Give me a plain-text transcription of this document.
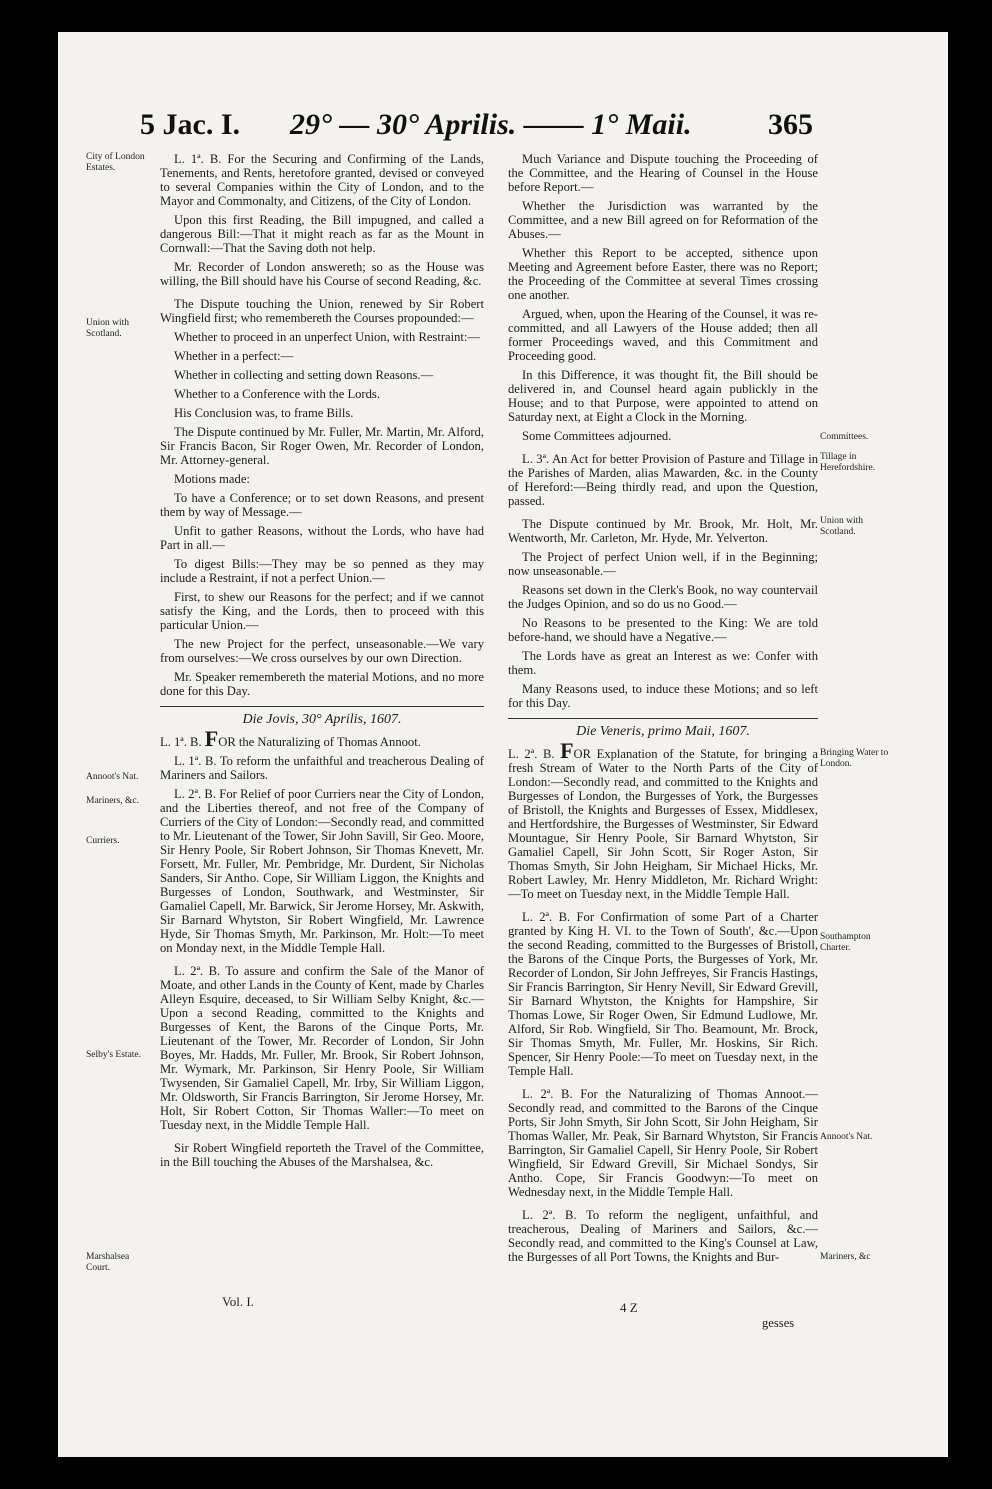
5 Jac. I. 29° — 30° Aprilis. —— 1° Maii.	365
City of London Estates.
Union with Scotland.
Annoot's Nat.
Mariners, &c.
Curriers.
Selby's Estate.
Marshalsea Court.
Committees.
Tillage in Herefordshire.
Union with Scotland.
Bringing Water to London.
Southampton Charter.
Annoot's Nat.
Mariners, &c

L. 1ª. B. For the Securing and Confirming of the Lands, Tenements, and Rents, heretofore granted, devised or conveyed to several Companies within the City of London, and to the Mayor and Commonalty, and Citizens, of the City of London.

Upon this first Reading, the Bill impugned, and called a dangerous Bill:—That it might reach as far as the Mount in Cornwall:—That the Saving doth not help.

Mr. Recorder of London answereth; so as the House was willing, the Bill should have his Course of second Reading, &c.

The Dispute touching the Union, renewed by Sir Robert Wingfield first; who remembereth the Courses propounded:—

Whether to proceed in an unperfect Union, with Restraint:—

Whether in a perfect:—

Whether in collecting and setting down Reasons.—

Whether to a Conference with the Lords.

His Conclusion was, to frame Bills.

The Dispute continued by Mr. Fuller, Mr. Martin, Mr. Alford, Sir Francis Bacon, Sir Roger Owen, Mr. Recorder of London, Mr. Attorney-general.

Motions made:

To have a Conference; or to set down Reasons, and present them by way of Message.—

Unfit to gather Reasons, without the Lords, who have had Part in all.—

To digest Bills:—They may be so penned as they may include a Restraint, if not a perfect Union.—

First, to shew our Reasons for the perfect; and if we cannot satisfy the King, and the Lords, then to proceed with this particular Union.—

The new Project for the perfect, unseasonable.—We vary from ourselves:—We cross ourselves by our own Direction.

Mr. Speaker remembereth the material Motions, and no more done for this Day.

Die Jovis, 30° Aprilis, 1607.

L. 1ª. B. FOR the Naturalizing of Thomas Annoot.

L. 1ª. B. To reform the unfaithful and treacherous Dealing of Mariners and Sailors.

L. 2ª. B. For Relief of poor Curriers near the City of London, and the Liberties thereof, and not free of the Company of Curriers of the City of London:—Secondly read, and committed to Mr. Lieutenant of the Tower, Sir John Savill, Sir Geo. Moore, Sir Henry Poole, Sir Robert Johnson, Sir Thomas Knevett, Mr. Forsett, Mr. Fuller, Mr. Pembridge, Mr. Durdent, Sir Nicholas Sanders, Sir Antho. Cope, Sir William Liggon, the Knights and Burgesses of London, Southwark, and Westminster, Sir Gamaliel Capell, Mr. Barwick, Sir Jerome Horsey, Mr. Askwith, Sir Barnard Whytston, Sir Robert Wingfield, Mr. Lawrence Hyde, Sir Thomas Smyth, Mr. Parkinson, Mr. Holt:—To meet on Monday next, in the Middle Temple Hall.

L. 2ª. B. To assure and confirm the Sale of the Manor of Moate, and other Lands in the County of Kent, made by Charles Alleyn Esquire, deceased, to Sir William Selby Knight, &c.—Upon a second Reading, committed to the Knights and Burgesses of Kent, the Barons of the Cinque Ports, Mr. Lieutenant of the Tower, Mr. Recorder of London, Sir John Boyes, Mr. Hadds, Mr. Fuller, Mr. Brook, Sir Robert Johnson, Mr. Wymark, Mr. Parkinson, Sir Henry Poole, Sir William Twysenden, Sir Gamaliel Capell, Mr. Irby, Sir William Liggon, Mr. Oldsworth, Sir Francis Barrington, Sir Jerome Horsey, Mr. Holt, Sir Robert Cotton, Sir Thomas Waller:—To meet on Tuesday next, in the Middle Temple Hall.

Sir Robert Wingfield reporteth the Travel of the Committee, in the Bill touching the Abuses of the Marshalsea, &c.

Much Variance and Dispute touching the Proceeding of the Committee, and the Hearing of Counsel in the House before Report.—

Whether the Jurisdiction was warranted by the Committee, and a new Bill agreed on for Reformation of the Abuses.—

Whether this Report to be accepted, sithence upon Meeting and Agreement before Easter, there was no Report; the Proceeding of the Committee at several Times crossing one another.

Argued, when, upon the Hearing of the Counsel, it was re-committed, and all Lawyers of the House added; then all former Proceedings waved, and this Commitment and Proceeding good.

In this Difference, it was thought fit, the Bill should be delivered in, and Counsel heard again publickly in the House; and to that Purpose, were appointed to attend on Saturday next, at Eight a Clock in the Morning.

Some Committees adjourned.

L. 3ª. An Act for better Provision of Pasture and Tillage in the Parishes of Marden, alias Mawarden, &c. in the County of Hereford:—Being thirdly read, and upon the Question, passed.

The Dispute continued by Mr. Brook, Mr. Holt, Mr. Wentworth, Mr. Carleton, Mr. Hyde, Mr. Yelverton.

The Project of perfect Union well, if in the Beginning; now unseasonable.—

Reasons set down in the Clerk's Book, no way countervail the Judges Opinion, and so do us no Good.—

No Reasons to be presented to the King: We are told before-hand, we should have a Negative.—

The Lords have as great an Interest as we: Confer with them.

Many Reasons used, to induce these Motions; and so left for this Day.

Die Veneris, primo Maii, 1607.

L. 2ª. B. FOR Explanation of the Statute, for bringing a fresh Stream of Water to the North Parts of the City of London:—Secondly read, and committed to the Knights and Burgesses of London, the Burgesses of York, the Burgesses of Bristoll, the Knights and Burgesses of Essex, Middlesex, and Hertfordshire, the Burgesses of Westminster, Sir Edward Mountague, Sir Henry Poole, Sir Barnard Whytston, Sir Gamaliel Capell, Sir John Scott, Sir Roger Aston, Sir Thomas Smyth, Sir John Heigham, Sir Michael Hicks, Mr. Robert Lawley, Mr. Henry Middleton, Mr. Richard Wright:—To meet on Tuesday next, in the Middle Temple Hall.

L. 2ª. B. For Confirmation of some Part of a Charter granted by King H. VI. to the Town of South', &c.—Upon the second Reading, committed to the Burgesses of Bristoll, the Barons of the Cinque Ports, the Burgesses of York, Mr. Recorder of London, Sir John Jeffreyes, Sir Francis Hastings, Sir Francis Barrington, Sir Henry Nevill, Sir Edward Grevill, Sir Barnard Whytston, the Knights for Hampshire, Sir Thomas Lowe, Sir Roger Owen, Sir Edmund Ludlowe, Mr. Alford, Sir Rob. Wingfield, Sir Tho. Beamount, Mr. Brock, Sir Thomas Smyth, Mr. Fuller, Mr. Hoskins, Sir Rich. Spencer, Sir Henry Poole:—To meet on Tuesday next, in the Temple Hall.

L. 2ª. B. For the Naturalizing of Thomas Annoot.—Secondly read, and committed to the Barons of the Cinque Ports, Sir John Smyth, Sir John Scott, Sir John Heigham, Sir Thomas Waller, Mr. Peak, Sir Barnard Whytston, Sir Francis Barrington, Sir Gamaliel Capell, Sir Henry Poole, Sir Robert Wingfield, Sir Edward Grevill, Sir Michael Sondys, Sir Antho. Cope, Sir Francis Goodwyn:—To meet on Wednesday next, in the Middle Temple Hall.

L. 2ª. B. To reform the negligent, unfaithful, and treacherous, Dealing of Mariners and Sailors, &c.—Secondly read, and committed to the King's Counsel at Law, the Burgesses of all Port Towns, the Knights and Bur-

Vol. I.	4 Z
gesses
